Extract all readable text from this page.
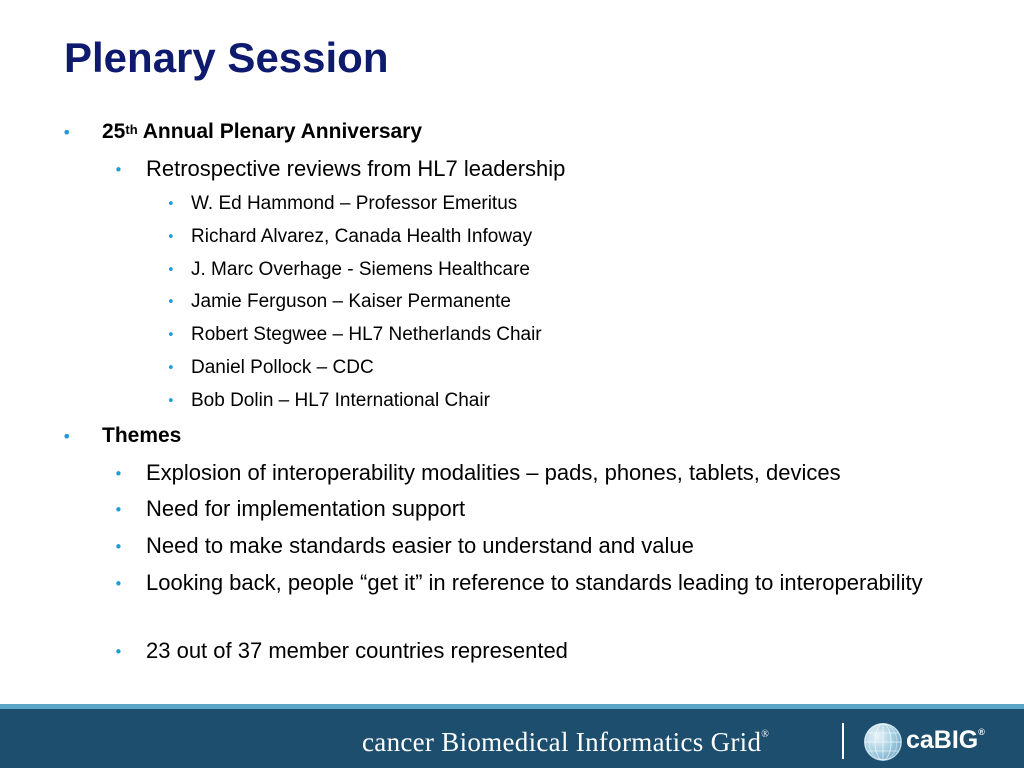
Plenary Session
• 25th Annual Plenary Anniversary
• Retrospective reviews from HL7 leadership
• W. Ed Hammond – Professor Emeritus
• Richard Alvarez, Canada Health Infoway
• J. Marc Overhage - Siemens Healthcare
• Jamie Ferguson – Kaiser Permanente
• Robert Stegwee – HL7 Netherlands Chair
• Daniel Pollock – CDC
• Bob Dolin – HL7 International Chair
• Themes
• Explosion of interoperability modalities – pads, phones, tablets, devices
• Need for implementation support
• Need to make standards easier to understand and value
• Looking back, people “get it” in reference to standards leading to interoperability
• 23 out of 37 member countries represented
cancer Biomedical Informatics Grid®	caBIG®
